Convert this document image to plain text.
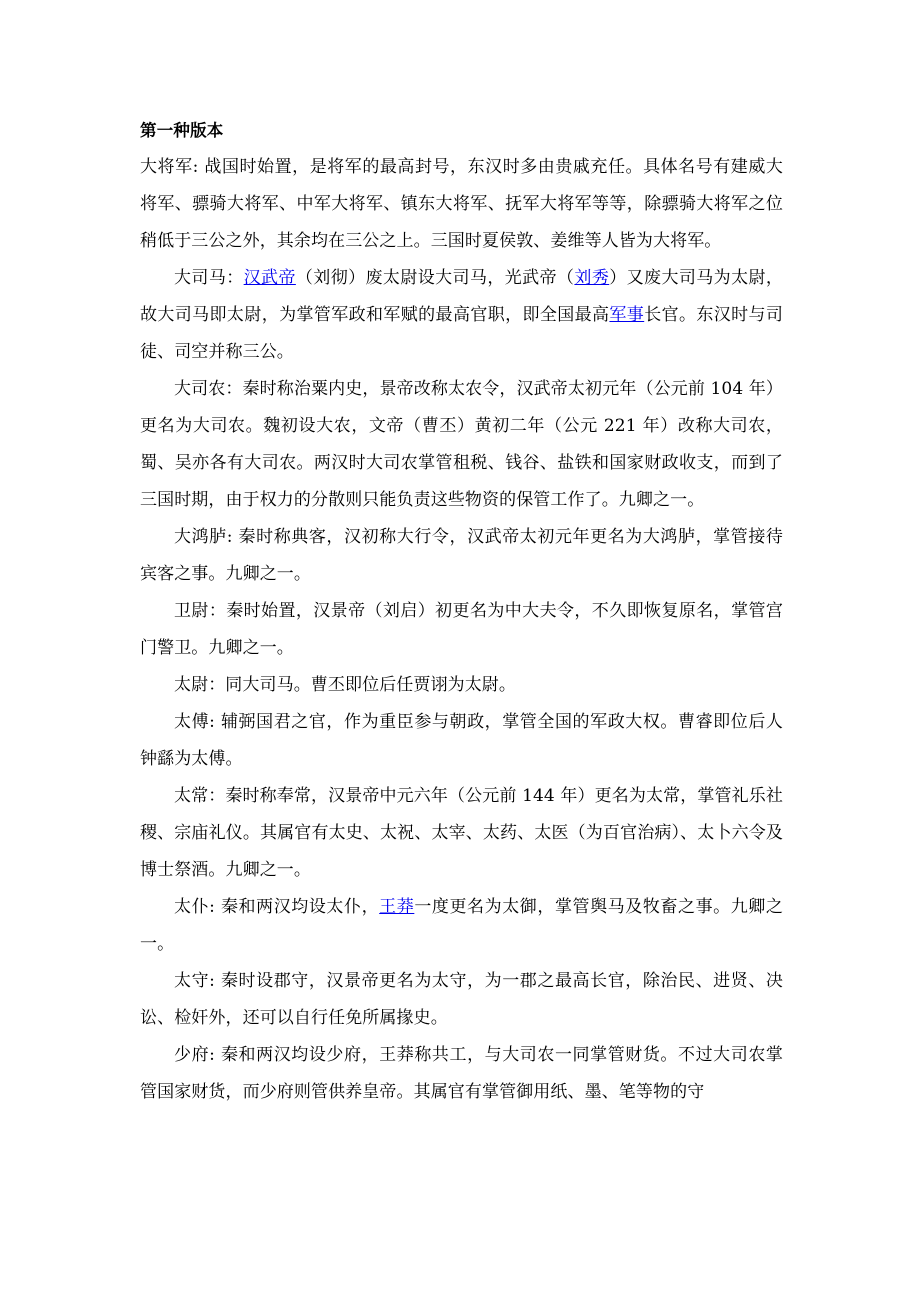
第一种版本

大将军: 战国时始置，是将军的最高封号，东汉时多由贵戚充任。具体名号有建威大将军、骠骑大将军、中军大将军、镇东大将军、抚军大将军等等，除骠骑大将军之位稍低于三公之外，其余均在三公之上。三国时夏侯敦、姜维等人皆为大将军。

大司马：汉武帝（刘彻）废太尉设大司马，光武帝（刘秀）又废大司马为太尉，故大司马即太尉，为掌管军政和军赋的最高官职，即全国最高军事长官。东汉时与司徒、司空并称三公。

大司农：秦时称治粟内史，景帝改称太农令，汉武帝太初元年（公元前 104 年）更名为大司农。魏初设大农，文帝（曹丕）黄初二年（公元 221 年）改称大司农，蜀、吴亦各有大司农。两汉时大司农掌管租税、钱谷、盐铁和国家财政收支，而到了三国时期，由于权力的分散则只能负责这些物资的保管工作了。九卿之一。

大鸿胪: 秦时称典客，汉初称大行令，汉武帝太初元年更名为大鸿胪，掌管接待宾客之事。九卿之一。

卫尉：秦时始置，汉景帝（刘启）初更名为中大夫令，不久即恢复原名，掌管宫门警卫。九卿之一。

太尉：同大司马。曹丕即位后任贾诩为太尉。

太傅: 辅弼国君之官，作为重臣参与朝政，掌管全国的军政大权。曹睿即位后人钟繇为太傅。

太常：秦时称奉常，汉景帝中元六年（公元前 144 年）更名为太常，掌管礼乐社稷、宗庙礼仪。其属官有太史、太祝、太宰、太药、太医（为百官治病）、太卜六令及博士祭酒。九卿之一。

太仆: 秦和两汉均设太仆，王莽一度更名为太御，掌管舆马及牧畜之事。九卿之一。

太守: 秦时设郡守，汉景帝更名为太守，为一郡之最高长官，除治民、进贤、决讼、检奸外，还可以自行任免所属掾史。

少府: 秦和两汉均设少府，王莽称共工，与大司农一同掌管财货。不过大司农掌管国家财货，而少府则管供养皇帝。其属官有掌管御用纸、墨、笔等物的守
